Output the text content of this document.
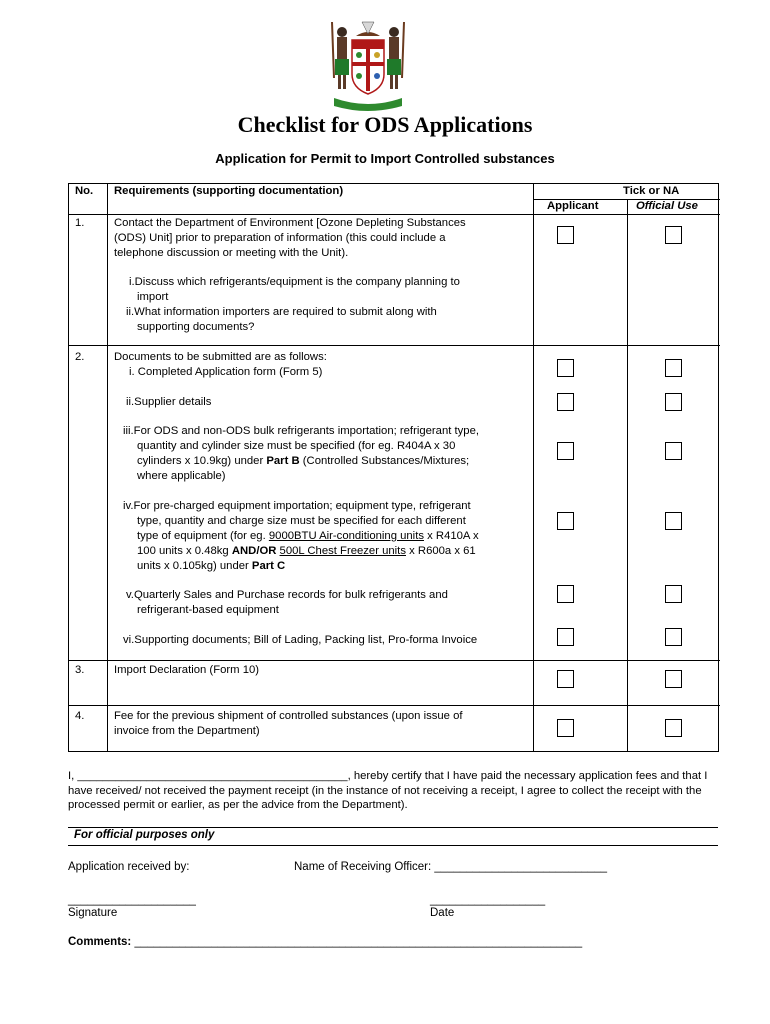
Checklist for ODS Applications
Application for Permit to Import Controlled substances
No. Requirements (supporting documentation)	Tick or NA
Applicant	Official Use
1.	Contact the Department of Environment [Ozone Depleting Substances
(ODS) Unit] prior to preparation of information (this could include a
telephone discussion or meeting with the Unit).
i.Discuss which refrigerants/equipment is the company planning to
import
ii.What information importers are required to submit along with
supporting documents?
2.	Documents to be submitted are as follows:
i. Completed Application form (Form 5)
ii.Supplier details
iii.For ODS and non-ODS bulk refrigerants importation; refrigerant type,
quantity and cylinder size must be specified (for eg. R404A x 30
cylinders x 10.9kg) under Part B (Controlled Substances/Mixtures;
where applicable)
iv.For pre-charged equipment importation; equipment type, refrigerant
type, quantity and charge size must be specified for each different
type of equipment (for eg. 9000BTU Air-conditioning units x R410A x
100 units x 0.48kg AND/OR 500L Chest Freezer units x R600a x 61
units x 0.105kg) under Part C
v.Quarterly Sales and Purchase records for bulk refrigerants and
refrigerant-based equipment
vi.Supporting documents; Bill of Lading, Packing list, Pro-forma Invoice
3.	Import Declaration (Form 10)
4.	Fee for the previous shipment of controlled substances (upon issue of
invoice from the Department)
I, ___________________________________________, hereby certify that I have paid the necessary application fees and that I have received/ not received the payment receipt (in the instance of not receiving a receipt, I agree to collect the receipt with the processed permit or earlier, as per the advice from the Department).
For official purposes only
Application received by:	Name of Receiving Officer: ___________________________
____________________
Signature
__________________
Date
Comments: ______________________________________________________________________
